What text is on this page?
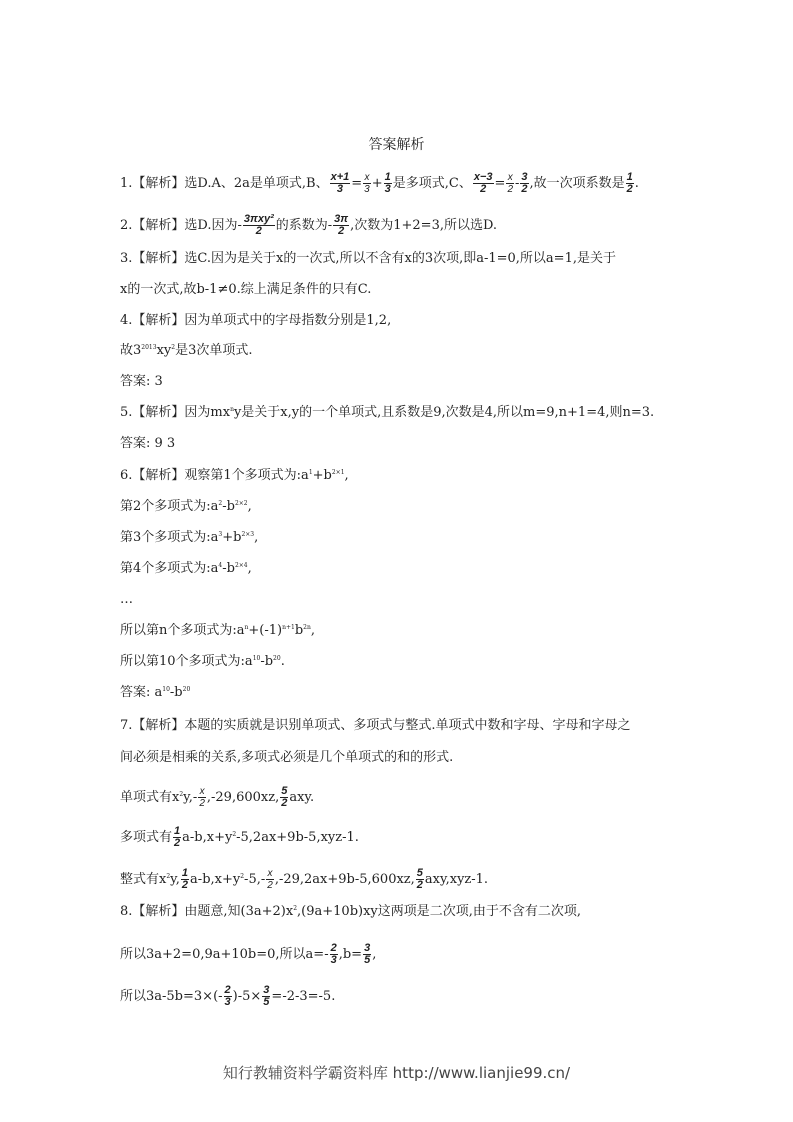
答案解析
1.【解析】选D.A、2a是单项式,B、 $\frac{x+1}{3} = \frac{x}{3} + \frac{1}{3}$ 是多项式,C、 $\frac{x-3}{2} = \frac{x}{2} - \frac{3}{2}$ ,故一次项系数是 $\frac{1}{2}$ .
2.【解析】选D.因为- $\frac{\text{3πxy²}}{2}$ 的系数为- $\frac{3\pi}{2}$ ,次数为1+2=3,所以选D.
3.【解析】选C.因为是关于x的一次式,所以不含有x的3次项,即a-1=0,所以a=1,是关于
x的一次式,故b-1≠0.综上满足条件的只有C.
4.【解析】因为单项式中的字母指数分别是1,2,
故$3^{2013}xy^2$是3次单项式.
答案: 3
5.【解析】因为$mx^ny$是关于x,y的一个单项式,且系数是9,次数是4,所以m=9,n+1=4,则n=3.
答案: 9 3
6.【解析】观察第1个多项式为$:a^1+b^{2\times 1}$,
第2个多项式为$:a^2-b^{2\times 2}$,
第3个多项式为$:a^3+b^{2\times 3}$,
第4个多项式为$:a^4-b^{2\times 4}$,
…
所以第n个多项式为$:a^n+(-1)^{n+1}b^{2n}$,
所以第10个多项式为$:a^{10}-b^{20}$.
答案: $a^{10}-b^{20}$
7.【解析】本题的实质就是识别单项式、多项式与整式.单项式中数和字母、字母和字母之
间必须是相乘的关系,多项式必须是几个单项式的和的形式.
单项式有$x^2y,- \frac{x}{2} ,-29,600xz$, $\frac{5}{2}$ axy.
多项式有 $\frac{1}{2} a-b,x+y^2-5,2ax+9b-5,xyz-1$.
整式有$x^2y$, $\frac{1}{2} a-b,x+y^2-5,- \frac{x}{2} ,-29,2ax+9b-5,600xz$, $\frac{5}{2} axy,xyz-1$.
8.【解析】由题意,知$(3a+2)x^2,(9a+10b)xy$这两项是二次项,由于不含有二次项,
所以3a+2=0,9a+10b=0,所以$a=- \frac{2}{3} ,b= \frac{3}{5}$ ,
所以$3a-5b=3\times(- \frac{2}{3} )-5\times \frac{3}{5} =-2-3=-5$.
知行教辅资料学霸资料库 http://www.lianjie99.cn/
